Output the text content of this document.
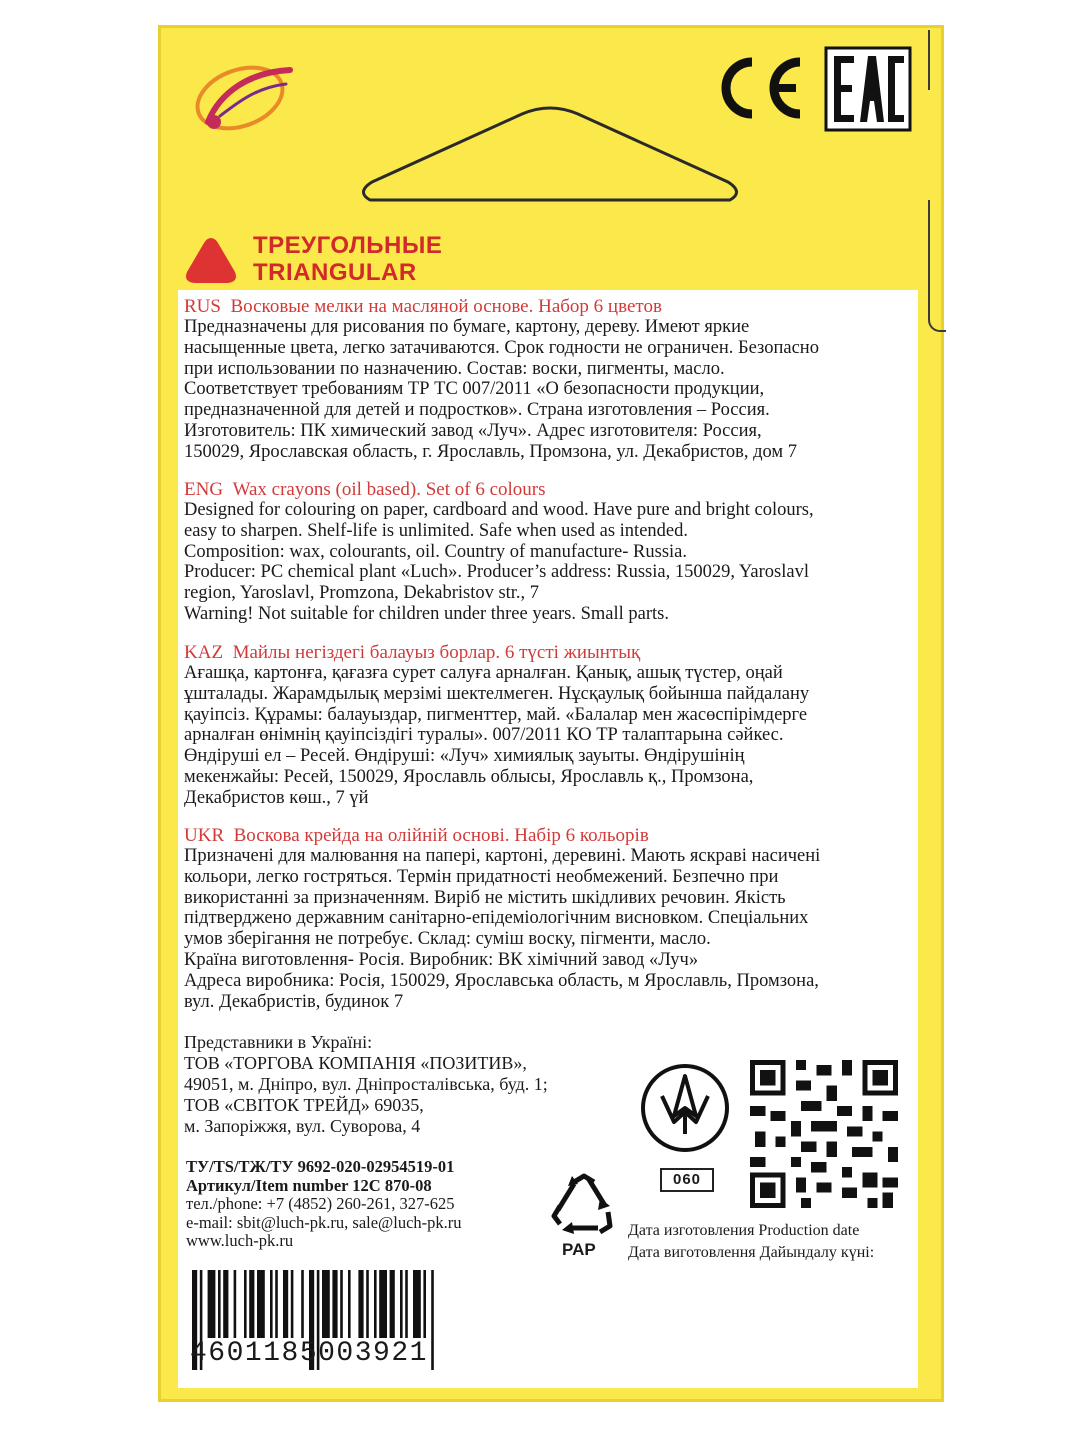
ТРЕУГОЛЬНЫЕ
TRIANGULAR
RUS Восковые мелки на масляной основе. Набор 6 цветов

Предназначены для рисования по бумаге, картону, дереву. Имеют яркие
насыщенные цвета, легко затачиваются. Срок годности не ограничен. Безопасно
при использовании по назначению. Состав: воски, пигменты, масло.
Соответствует требованиям ТР ТС 007/2011 «О безопасности продукции,
предназначенной для детей и подростков». Страна изготовления – Россия.
Изготовитель: ПК химический завод «Луч». Адрес изготовителя: Россия,
150029, Ярославская область, г. Ярославль, Промзона, ул. Декабристов, дом 7

ENG Wax crayons (oil based). Set of 6 colours

Designed for colouring on paper, cardboard and wood. Have pure and bright colours,
easy to sharpen. Shelf-life is unlimited. Safe when used as intended.
Composition: wax, colourants, oil. Country of manufacture- Russia.
Producer: PC chemical plant «Luch». Producer’s address: Russia, 150029, Yaroslavl
region, Yaroslavl, Promzona, Dekabristov str., 7
Warning! Not suitable for children under three years. Small parts.

KAZ Майлы негіздегі балауыз борлар. 6 түсті жиынтық

Ағашқа, картонға, қағазға сурет салуға арналған. Қанық, ашық түстер, оңай
ұшталады. Жарамдылық мерзімі шектелмеген. Нұсқаулық бойынша пайдалану
қауіпсіз. Құрамы: балауыздар, пигменттер, май. «Балалар мен жасөспірімдерге
арналған өнімнің қауіпсіздігі туралы». 007/2011 КО ТР талаптарына сәйкес.
Өндіруші ел – Ресей. Өндіруші: «Луч» химиялық зауыты. Өндірушінің
мекенжайы: Ресей, 150029, Ярославль облысы, Ярославль қ., Промзона,
Декабристов көш., 7 үй

UKR Воскова крейда на олійній основі. Набір 6 кольорів

Призначені для малювання на папері, картоні, деревині. Мають яскраві насичені
кольори, легко гостряться. Термін придатності необмежений. Безпечно при
використанні за призначенням. Виріб не містить шкідливих речовин. Якість
підтверджено державним санітарно-епідеміологічним висновком. Спеціальних
умов зберігання не потребує. Склад: суміш воску, пігменти, масло.
Країна виготовлення- Росія. Виробник: ВК хімічний завод «Луч»
Адреса виробника: Росія, 150029, Ярославська область, м Ярославль, Промзона,
вул. Декабристів, будинок 7

Представники в Україні:
ТОВ «ТОРГОВА КОМПАНІЯ «ПОЗИТИВ»,
49051, м. Дніпро, вул. Дніпросталівська, буд. 1;
ТОВ «СВІТОК ТРЕЙД» 69035,
м. Запоріжжя, вул. Суворова, 4
ТУ/TS/ТЖ/ТУ 9692-020-02954519-01
Артикул/Item number 12С 870-08
тел./phone: +7 (4852) 260-261, 327-625
e-mail: sbit@luch-pk.ru, sale@luch-pk.ru
www.luch-pk.ru	PAP
060
Дата изготовления Production date
Дата виготовлення Дайындалу күні:
4601185003921
